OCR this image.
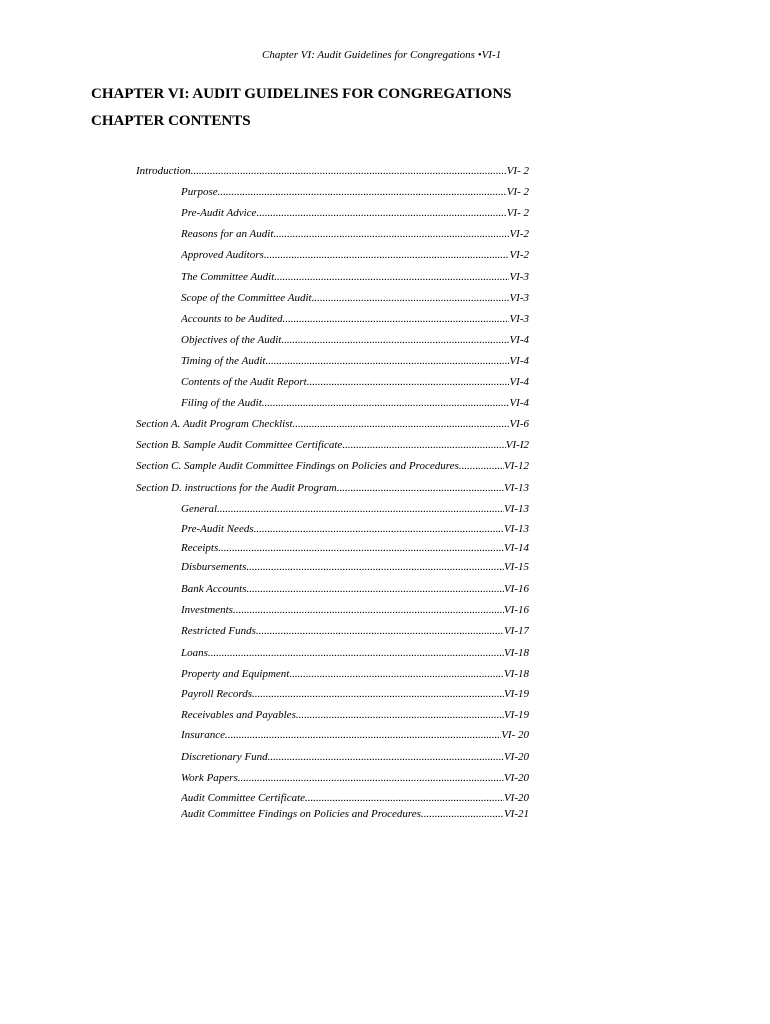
Chapter VI: Audit Guidelines for Congregations •VI-1
CHAPTER VI: AUDIT GUIDELINES FOR CONGREGATIONS
CHAPTER CONTENTS
Introduction .....	VI- 2
Purpose .....	VI- 2
Pre-Audit Advice .....	VI- 2
Reasons for an Audit .....	VI-2
Approved Auditors .....	VI-2
The Committee Audit .....	VI-3
Scope of the Committee Audit .....	VI-3
Accounts to be Audited .....	VI-3
Objectives of the Audit .....	VI-4
Timing of the Audit .....	VI-4
Contents of the Audit Report .....	VI-4
Filing of the Audit .....	VI-4
Section A. Audit Program Checklist .....	VI-6
Section B. Sample Audit Committee Certificate .....	VI-I2
Section C. Sample Audit Committee Findings on Policies and Procedures .....	VI-12
Section D. instructions for the Audit Program .....	VI-13
General .....	VI-13
Pre-Audit Needs .....	VI-13
Receipts .....	VI-14
Disbursements .....	VI-15
Bank Accounts .....	VI-16
Investments .....	VI-16
Restricted Funds .....	VI-17
Loans .....	VI-18
Property and Equipment .....	VI-18
Payroll Records .....	VI-19
Receivables and Payables .....	VI-19
Insurance .....	VI- 20
Discretionary Fund .....	VI-20
Work Papers .....	VI-20
Audit Committee Certificate .....	VI-20
Audit Committee Findings on Policies and Procedures .....	VI-21
